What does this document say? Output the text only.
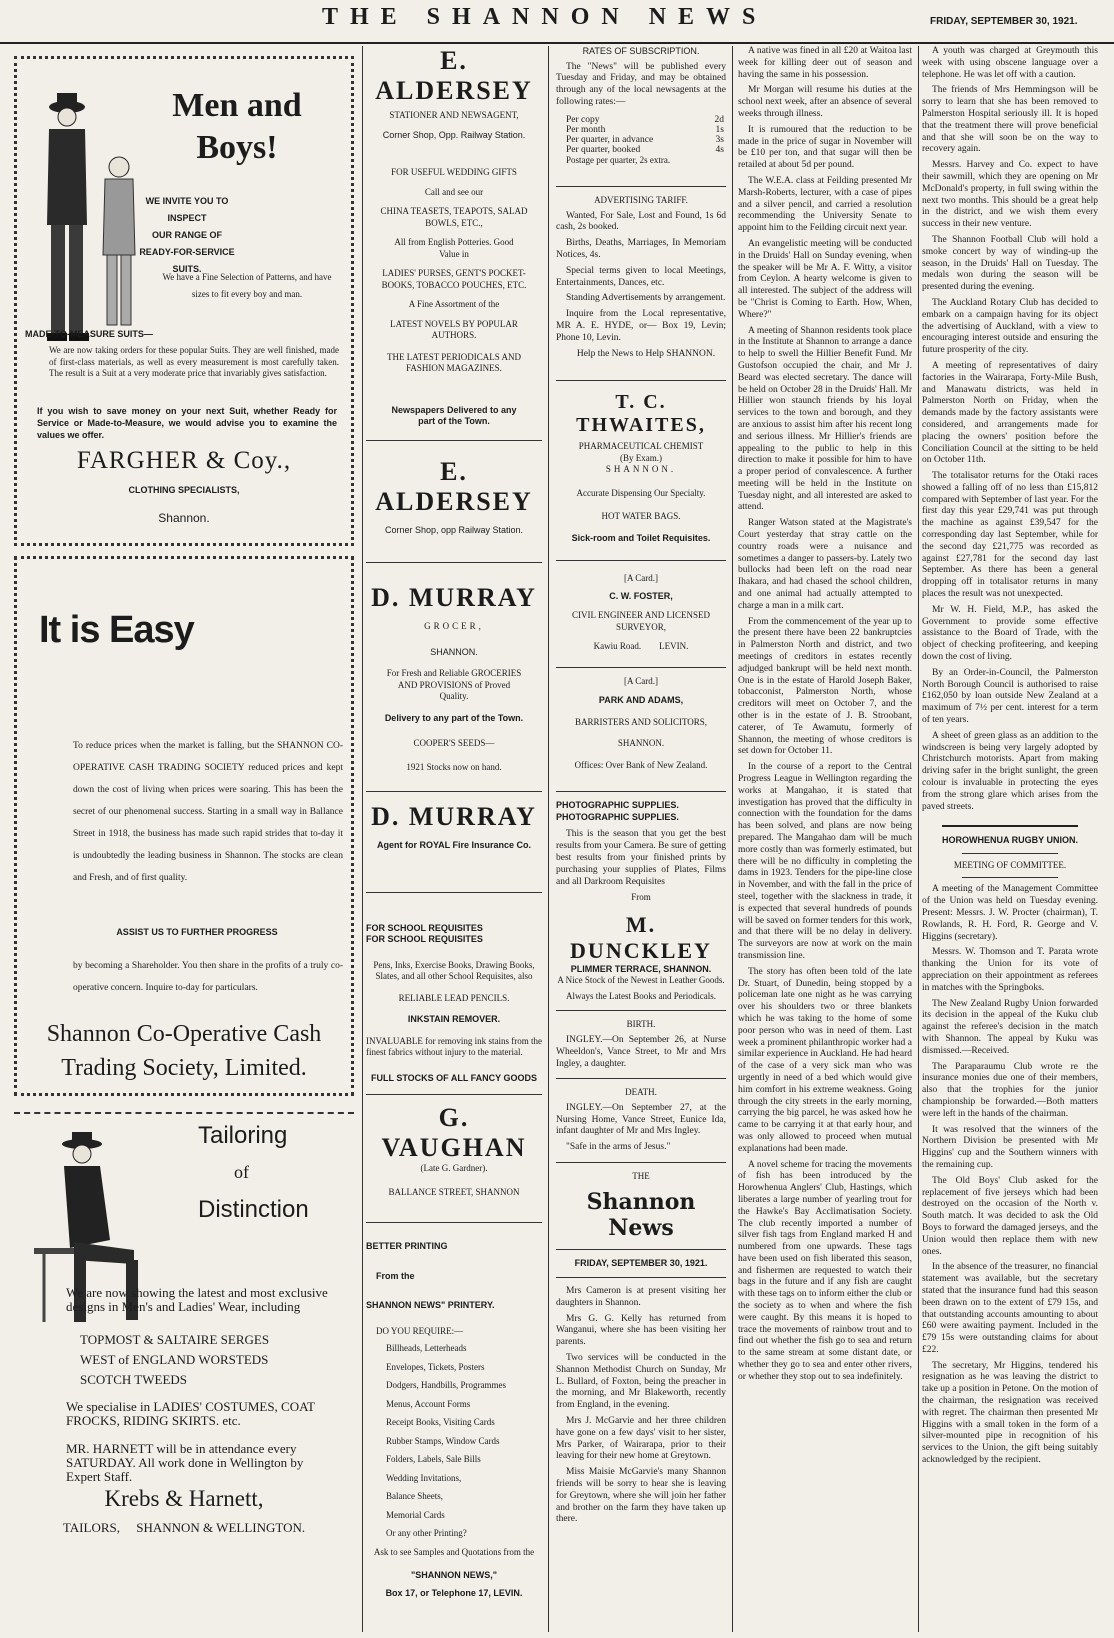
THE SHANNON NEWS	FRIDAY, SEPTEMBER 30, 1921.
Men and
Boys!
WE INVITE YOU TO INSPECT
OUR RANGE OF
READY-FOR-SERVICE SUITS.
We have a Fine Selection of Patterns, and have sizes to fit every boy and man.
MADE-TO-MEASURE SUITS—
We are now taking orders for these popular Suits. They are well finished, made of first-class materials, as well as every measurement is most carefully taken. The result is a Suit at a very moderate price that invariably gives satisfaction.
If you wish to save money on your next Suit, whether Ready for Service or Made-to-Measure, we would advise you to examine the values we offer.
FARGHER & Coy.,
CLOTHING SPECIALISTS,
Shannon.
It is Easy
To reduce prices when the market is falling, but the SHANNON CO-OPERATIVE CASH TRADING SOCIETY reduced prices and kept down the cost of living when prices were soaring. This has been the secret of our phenomenal success. Starting in a small way in Ballance Street in 1918, the business has made such rapid strides that to-day it is undoubtedly the leading business in Shannon. The stocks are clean and Fresh, and of first quality.
ASSIST US TO FURTHER PROGRESS
by becoming a Shareholder. You then share in the profits of a truly co-operative concern. Inquire to-day for particulars.
Shannon Co-Operative Cash
Trading Society, Limited.
Tailoring
of
Distinction
We are now showing the latest and most exclusive designs in Men's and Ladies' Wear, including
TOPMOST & SALTAIRE SERGES
WEST of ENGLAND WORSTEDS
SCOTCH TWEEDS
We specialise in LADIES' COSTUMES, COAT FROCKS, RIDING SKIRTS. etc.
MR. HARNETT will be in attendance every SATURDAY. All work done in Wellington by Expert Staff.
Krebs & Harnett,
TAILORS,     SHANNON & WELLINGTON.
E. ALDERSEY
STATIONER AND NEWSAGENT,
Corner Shop, Opp. Railway Station.
FOR USEFUL WEDDING GIFTS
Call and see our
CHINA TEASETS, TEAPOTS, SALAD BOWLS, ETC.,
All from English Potteries. Good Value in
LADIES' PURSES, GENT'S POCKET-BOOKS, TOBACCO POUCHES, ETC.
A Fine Assortment of the
LATEST NOVELS BY POPULAR AUTHORS.
THE LATEST PERIODICALS AND FASHION MAGAZINES.
Newspapers Delivered to any part of the Town.
E. ALDERSEY
Corner Shop, opp Railway Station.
D. MURRAY
GROCER,
SHANNON.
For Fresh and Reliable GROCERIES AND PROVISIONS of Proved Quality.
Delivery to any part of the Town.
COOPER'S SEEDS—
1921 Stocks now on hand.
D. MURRAY
Agent for ROYAL Fire Insurance Co.
FOR SCHOOL REQUISITES
FOR SCHOOL REQUISITES
Pens, Inks, Exercise Books, Drawing Books, Slates, and all other School Requisites, also
RELIABLE LEAD PENCILS.
INKSTAIN REMOVER.
INVALUABLE for removing ink stains from the finest fabrics without injury to the material.
FULL STOCKS OF ALL FANCY GOODS
G. VAUGHAN
(Late G. Gardner).
BALLANCE STREET, SHANNON
BETTER PRINTING
From the
SHANNON NEWS" PRINTERY.
DO YOU REQUIRE:—
Billheads, Letterheads
Envelopes, Tickets, Posters
Dodgers, Handbills, Programmes
Menus, Account Forms
Receipt Books, Visiting Cards
Rubber Stamps, Window Cards
Folders, Labels, Sale Bills
Wedding Invitations,
Balance Sheets,
Memorial Cards
Or any other Printing?
Ask to see Samples and Quotations from the
"SHANNON NEWS,"
Box 17, or Telephone 17, LEVIN.
RATES OF SUBSCRIPTION.

The "News" will be published every Tuesday and Friday, and may be obtained through any of the local newsagents at the following rates:—

Per copy	2d
Per month	1s
Per quarter, in advance	3s
Per quarter, booked	4s
Postage per quarter, 2s extra.
ADVERTISING TARIFF.

Wanted, For Sale, Lost and Found, 1s 6d cash, 2s booked.

Births, Deaths, Marriages, In Memoriam Notices, 4s.

Special terms given to local Meetings, Entertainments, Dances, etc.

Standing Advertisements by arrangement.

Inquire from the Local representative, MR A. E. HYDE, or— Box 19, Levin; Phone 10, Levin.

Help the News to Help SHANNON.

T. C. THWAITES,
PHARMACEUTICAL CHEMIST
(By Exam.)
SHANNON.
Accurate Dispensing Our Specialty.
HOT WATER BAGS.
Sick-room and Toilet Requisites.
[A Card.]
C. W. FOSTER,
CIVIL ENGINEER AND LICENSED SURVEYOR,
Kawiu Road.        LEVIN.
[A Card.]
PARK AND ADAMS,
BARRISTERS AND SOLICITORS,
SHANNON.
Offices: Over Bank of New Zealand.
PHOTOGRAPHIC SUPPLIES.
PHOTOGRAPHIC SUPPLIES.

This is the season that you get the best results from your Camera. Be sure of getting best results from your finished prints by purchasing your supplies of Plates, Films and all Darkroom Requisites

From
M. DUNCKLEY
PLIMMER TERRACE, SHANNON.
A Nice Stock of the Newest in Leather Goods.
Always the Latest Books and Periodicals.
BIRTH.

INGLEY.—On September 26, at Nurse Wheeldon's, Vance Street, to Mr and Mrs Ingley, a daughter.

DEATH.

INGLEY.—On September 27, at the Nursing Home, Vance Street, Eunice Ida, infant daughter of Mr and Mrs Ingley.

"Safe in the arms of Jesus."

THE
Shannon News
FRIDAY, SEPTEMBER 30, 1921.

Mrs Cameron is at present visiting her daughters in Shannon.

Mrs G. G. Kelly has returned from Wanganui, where she has been visiting her parents.

Two services will be conducted in the Shannon Methodist Church on Sunday, Mr L. Bullard, of Foxton, being the preacher in the morning, and Mr Blakeworth, recently from England, in the evening.

Mrs J. McGarvie and her three children have gone on a few days' visit to her sister, Mrs Parker, of Wairarapa, prior to their leaving for their new home at Greytown.

Miss Maisie McGarvie's many Shannon friends will be sorry to hear she is leaving for Greytown, where she will join her father and brother on the farm they have taken up there.

A native was fined in all £20 at Waitoa last week for killing deer out of season and having the same in his possession.

Mr Morgan will resume his duties at the school next week, after an absence of several weeks through illness.

It is rumoured that the reduction to be made in the price of sugar in November will be £10 per ton, and that sugar will then be retailed at about 5d per pound.

The W.E.A. class at Feilding presented Mr Marsh-Roberts, lecturer, with a case of pipes and a silver pencil, and carried a resolution recommending the University Senate to appoint him to the Feilding circuit next year.

An evangelistic meeting will be conducted in the Druids' Hall on Sunday evening, when the speaker will be Mr A. F. Witty, a visitor from Ceylon. A hearty welcome is given to all interested. The subject of the address will be "Christ is Coming to Earth. How, When, Where?"

A meeting of Shannon residents took place in the Institute at Shannon to arrange a dance to help to swell the Hillier Benefit Fund. Mr Gustofson occupied the chair, and Mr J. Beard was elected secretary. The dance will be held on October 28 in the Druids' Hall. Mr Hillier won staunch friends by his loyal services to the town and borough, and they are anxious to assist him after his recent long and serious illness. Mr Hillier's friends are appealing to the public to help in this direction to make it possible for him to have a proper period of convalescence. A further meeting will be held in the Institute on Tuesday night, and all interested are asked to attend.

Ranger Watson stated at the Magistrate's Court yesterday that stray cattle on the country roads were a nuisance and sometimes a danger to passers-by. Lately two bullocks had been left on the road near Ihakara, and had chased the school children, and one animal had actually attempted to charge a man in a milk cart.

From the commencement of the year up to the present there have been 22 bankruptcies in Palmerston North and district, and two meetings of creditors in estates recently adjudged bankrupt will be held next month. One is in the estate of Harold Joseph Baker, tobacconist, Palmerston North, whose creditors will meet on October 7, and the other is in the estate of J. B. Stroobant, caterer, of Te Awamutu, formerly of Shannon, the meeting of whose creditors is set down for October 11.

In the course of a report to the Central Progress League in Wellington regarding the works at Mangahao, it is stated that investigation has proved that the difficulty in connection with the foundation for the dams has been solved, and plans are now being prepared. The Mangahao dam will be much more costly than was formerly estimated, but there will be no difficulty in completing the dams in 1923. Tenders for the pipe-line close in November, and with the fall in the price of steel, together with the slackness in trade, it is expected that several hundreds of pounds will be saved on former tenders for this work, and that there will be no delay in delivery. The surveyors are now at work on the main transmission line.

The story has often been told of the late Dr. Stuart, of Dunedin, being stopped by a policeman late one night as he was carrying over his shoulders two or three blankets which he was taking to the home of some poor person who was in need of them. Last week a prominent philanthropic worker had a similar experience in Auckland. He had heard of the case of a very sick man who was urgently in need of a bed which would give him comfort in his extreme weakness. Going through the city streets in the early morning, carrying the big parcel, he was asked how he came to be carrying it at that early hour, and was only allowed to proceed when mutual explanations had been made.

A novel scheme for tracing the movements of fish has been introduced by the Horowhenua Anglers' Club, Hastings, which liberates a large number of yearling trout for the Hawke's Bay Acclimatisation Society. The club recently imported a number of silver fish tags from England marked H and numbered from one upwards. These tags have been used on fish liberated this season, and fishermen are requested to watch their bags in the future and if any fish are caught with these tags on to inform either the club or the society as to when and where the fish were caught. By this means it is hoped to trace the movements of rainbow trout and to find out whether the fish go to sea and return to the same stream at some distant date, or whether they go to sea and enter other rivers, or whether they stop out to sea indefinitely.

A youth was charged at Greymouth this week with using obscene language over a telephone. He was let off with a caution.

The friends of Mrs Hemmingson will be sorry to learn that she has been removed to Palmerston Hospital seriously ill. It is hoped that the treatment there will prove beneficial and that she will soon be on the way to recovery again.

Messrs. Harvey and Co. expect to have their sawmill, which they are opening on Mr McDonald's property, in full swing within the next two months. This should be a great help in the district, and we wish them every success in their new venture.

The Shannon Football Club will hold a smoke concert by way of winding-up the season, in the Druids' Hall on Tuesday. The medals won during the season will be presented during the evening.

The Auckland Rotary Club has decided to embark on a campaign having for its object the advertising of Auckland, with a view to encouraging interest outside and ensuring the future prosperity of the city.

A meeting of representatives of dairy factories in the Wairarapa, Forty-Mile Bush, and Manawatu districts, was held in Palmerston North on Friday, when the demands made by the factory assistants were considered, and arrangements made for placing the owners' position before the Conciliation Council at the sitting to be held on October 11th.

The totalisator returns for the Otaki races showed a falling off of no less than £15,812 compared with September of last year. For the first day this year £29,741 was put through the machine as against £39,547 for the corresponding day last September, while for the second day £21,775 was recorded as against £27,781 for the second day last September. As there has been a general dropping off in totalisator returns in many places the result was not unexpected.

Mr W. H. Field, M.P., has asked the Government to provide some effective assistance to the Board of Trade, with the object of checking profiteering, and keeping down the cost of living.

By an Order-in-Council, the Palmerston North Borough Council is authorised to raise £162,050 by loan outside New Zealand at a maximum of 7½ per cent. interest for a term of ten years.

A sheet of green glass as an addition to the windscreen is being very largely adopted by Christchurch motorists. Apart from making driving safer in the bright sunlight, the green colour is invaluable in protecting the eyes from the strong glare which arises from the paved streets.

HOROWHENUA RUGBY UNION.
MEETING OF COMMITTEE.

A meeting of the Management Committee of the Union was held on Tuesday evening. Present: Messrs. J. W. Procter (chairman), T. Rowlands, R. H. Ford, R. George and V. Higgins (secretary).

Messrs. W. Thomson and T. Parata wrote thanking the Union for its vote of appreciation on their appointment as referees in matches with the Springboks.

The New Zealand Rugby Union forwarded its decision in the appeal of the Kuku club against the referee's decision in the match with Shannon. The appeal by Kuku was dismissed.—Received.

The Paraparaumu Club wrote re the insurance monies due one of their members, also that the trophies for the junior championship be forwarded.—Both matters were left in the hands of the chairman.

It was resolved that the winners of the Northern Division be presented with Mr Higgins' cup and the Southern winners with the remaining cup.

The Old Boys' Club asked for the replacement of five jerseys which had been destroyed on the occasion of the North v. South match. It was decided to ask the Old Boys to forward the damaged jerseys, and the Union would then replace them with new ones.

In the absence of the treasurer, no financial statement was available, but the secretary stated that the insurance fund had this season been drawn on to the extent of £79 15s, and that outstanding accounts amounting to about £60 were awaiting payment. Included in the £79 15s were outstanding claims for about £22.

The secretary, Mr Higgins, tendered his resignation as he was leaving the district to take up a position in Petone. On the motion of the chairman, the resignation was received with regret. The chairman then presented Mr Higgins with a small token in the form of a silver-mounted pipe in recognition of his services to the Union, the gift being suitably acknowledged by the recipient.
